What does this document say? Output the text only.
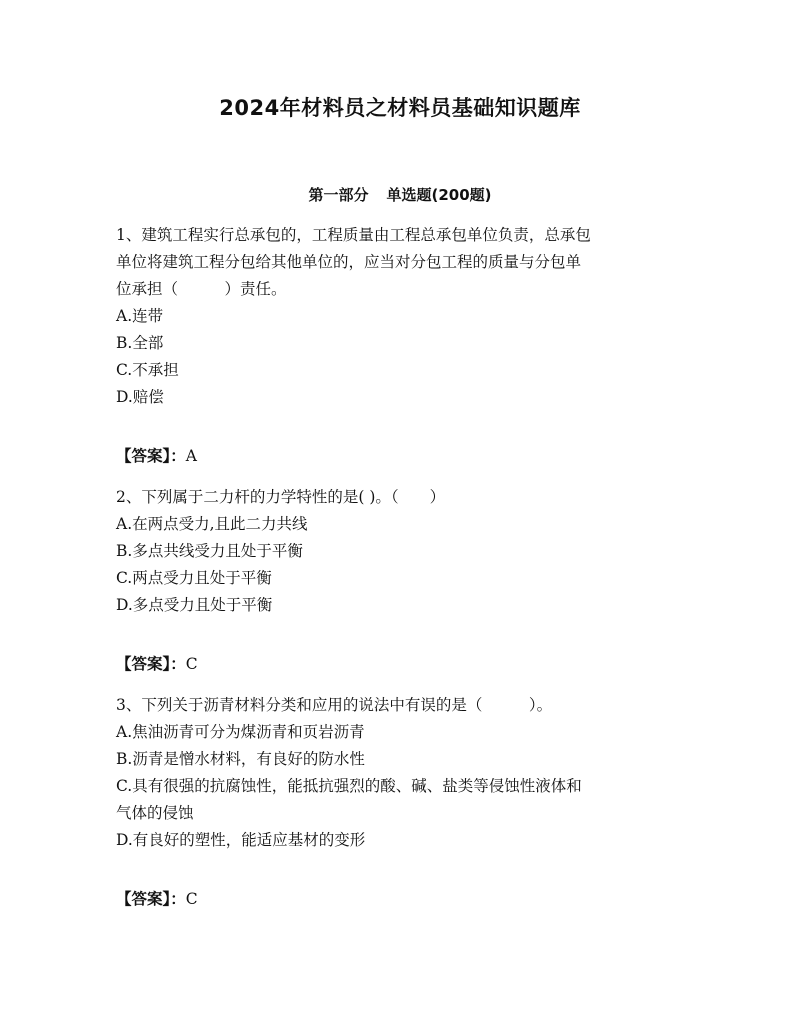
2024年材料员之材料员基础知识题库
第一部分 单选题(200题)

1、建筑工程实行总承包的，工程质量由工程总承包单位负责，总承包

单位将建筑工程分包给其他单位的，应当对分包工程的质量与分包单

位承担（　　　）责任。

A.连带

B.全部

C.不承担

D.赔偿

【答案】：A

2、下列属于二力杆的力学特性的是( )。（　　）

A.在两点受力,且此二力共线

B.多点共线受力且处于平衡

C.两点受力且处于平衡

D.多点受力且处于平衡

【答案】：C

3、下列关于沥青材料分类和应用的说法中有误的是（　　　）。

A.焦油沥青可分为煤沥青和页岩沥青

B.沥青是憎水材料，有良好的防水性

C.具有很强的抗腐蚀性，能抵抗强烈的酸、碱、盐类等侵蚀性液体和

气体的侵蚀

D.有良好的塑性，能适应基材的变形

【答案】：C
